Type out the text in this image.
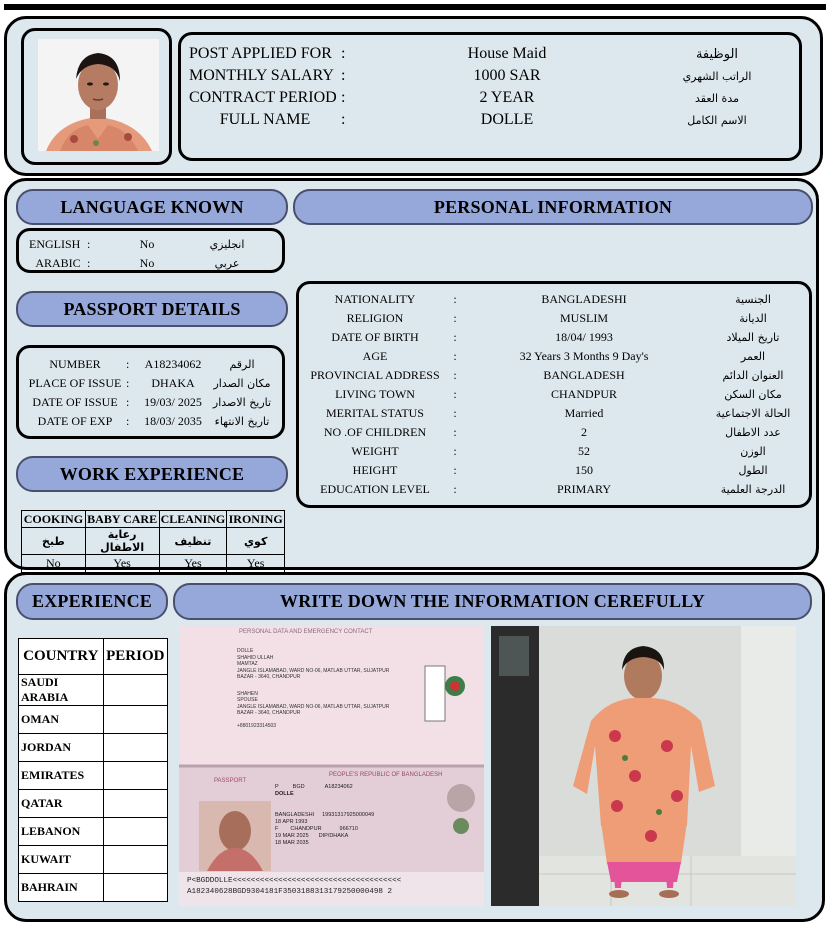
POST APPLIED FOR :	House Maid	الوظيفة
MONTHLY SALARY :	1000 SAR	الراتب الشهري
CONTRACT PERIOD :	2 YEAR	مدة العقد
FULL NAME	:	DOLLE	الاسم الكامل
LANGUAGE KNOWN	PERSONAL INFORMATION
ENGLISH :	No	انجليزي
ARABIC :	No	عربي
PASSPORT DETAILS
NUMBER	:	A18234062	الرقم
PLACE OF ISSUE :	DHAKA	مكان الصدار
DATE OF ISSUE :	19/03/ 2025	تاريخ الاصدار
DATE OF EXP	:	18/03/ 2035	تاريخ الانتهاء
WORK EXPERIENCE
COOKING	BABY CARE	CLEANING	IRONING
طبخ	رعاية الاطفال	تنظيف	كوي
No	Yes	Yes	Yes
NATIONALITY	:	BANGLADESHI	الجنسية
RELIGION	:	MUSLIM	الديانة
DATE OF BIRTH	:	18/04/ 1993	تاريخ الميلاد
AGE	:	32 Years 3 Months 9 Day's	العمر
PROVINCIAL ADDRESS	:	BANGLADESH	العنوان الدائم
LIVING TOWN	:	CHANDPUR	مكان السكن
MERITAL STATUS	:	Married	الحالة الاجتماعية
NO .OF CHILDREN	:	2	عدد الاطفال
WEIGHT	:	52	الوزن
HEIGHT	:	150	الطول
EDUCATION LEVEL	:	PRIMARY	الدرجة العلمية
EXPERIENCE	WRITE DOWN THE INFORMATION CEREFULLY
COUNTRY	PERIOD
SAUDI ARABIA	
OMAN	
JORDAN	
EMIRATES	
QATAR	
LEBANON	
KUWAIT	
BAHRAIN	
PERSONAL DATA AND EMERGENCY CONTACT
DOLLE
SHAHID ULLAH
MAMTAZ
JANGLE ISLAMABAD, WARD NO-06, MATLAB UTTAR, SUJATPUR BAZAR - 3640, CHANDPUR
SHAHEN
SPOUSE
JANGLE ISLAMABAD, WARD NO-06, MATLAB UTTAR, SUJATPUR BAZAR - 3640, CHANDPUR
+8801923314503
PEOPLE'S REPUBLIC OF BANGLADESH
PASSPORT
P	BGD	A18234062
DOLLE
BANGLADESHI 19931317925000049
18 APR 1993
F CHANDPUR	966710
19 MAR 2025 DIP/DHAKA
18 MAR 2035
P<BGDDOLLE<<<<<<<<<<<<<<<<<<<<<<<<<<<<<<<<<<<<<
A182340628BGD9304181F3503188313179250000498 2
